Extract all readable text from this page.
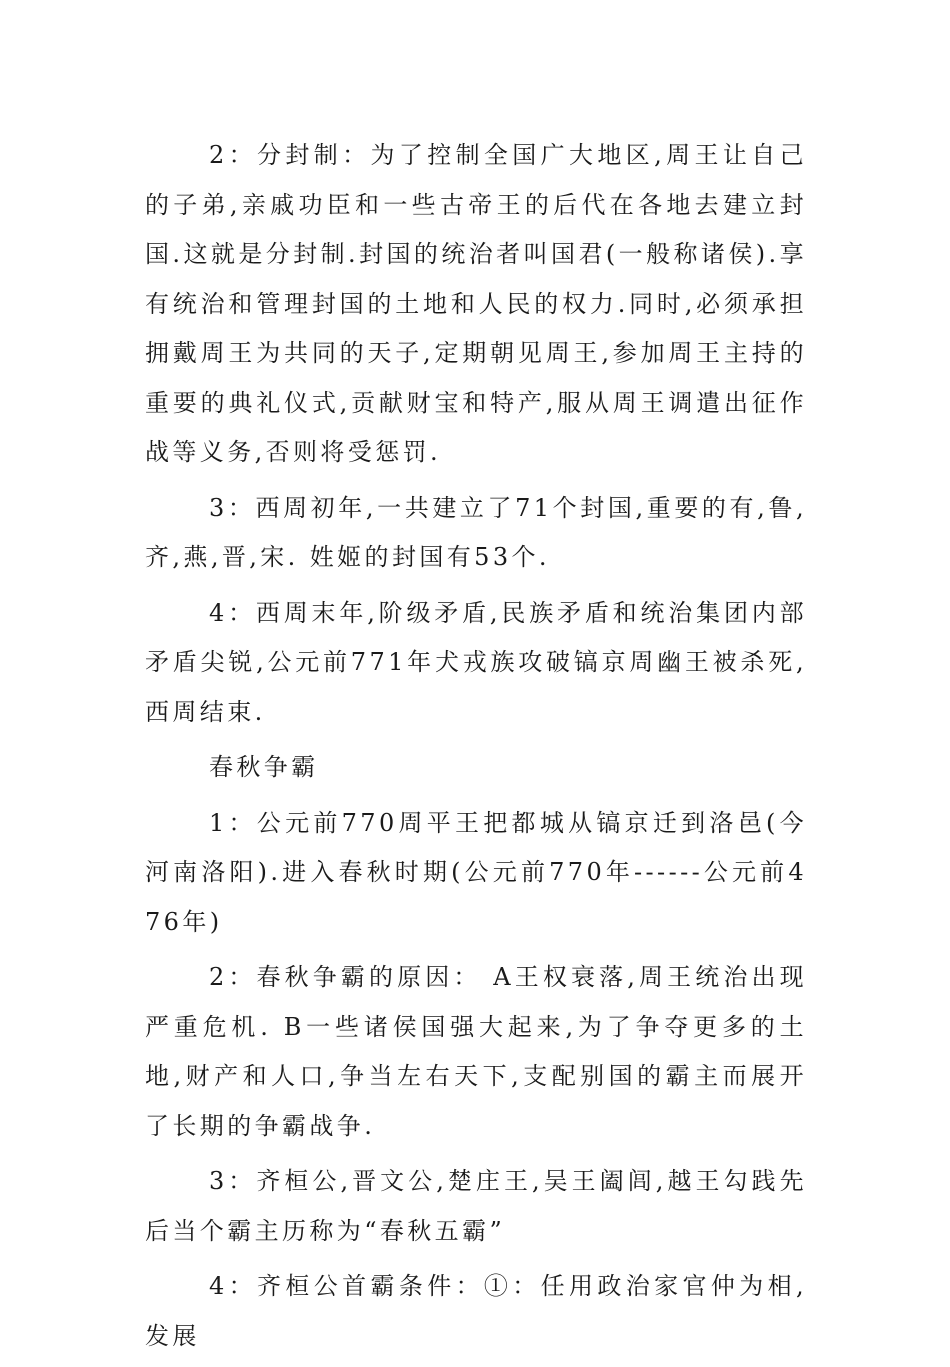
2：分封制：为了控制全国广大地区,周王让自己的子弟,亲戚功臣和一些古帝王的后代在各地去建立封国.这就是分封制.封国的统治者叫国君(一般称诸侯).享有统治和管理封国的土地和人民的权力.同时,必须承担拥戴周王为共同的天子,定期朝见周王,参加周王主持的重要的典礼仪式,贡献财宝和特产,服从周王调遣出征作战等义务,否则将受惩罚.

3：西周初年,一共建立了71个封国,重要的有,鲁,齐,燕,晋,宋. 姓姬的封国有53个.

4：西周末年,阶级矛盾,民族矛盾和统治集团内部矛盾尖锐,公元前771年犬戎族攻破镐京周幽王被杀死,西周结束.

春秋争霸

1：公元前770周平王把都城从镐京迁到洛邑(今河南洛阳).进入春秋时期(公元前770年------公元前476年)

2：春秋争霸的原因： A王权衰落,周王统治出现严重危机. B一些诸侯国强大起来,为了争夺更多的土地,财产和人口,争当左右天下,支配别国的霸主而展开了长期的争霸战争.

3：齐桓公,晋文公,楚庄王,吴王阖闾,越王勾践先后当个霸主历称为“春秋五霸”

4：齐桓公首霸条件：①：任用政治家官仲为相,发展
